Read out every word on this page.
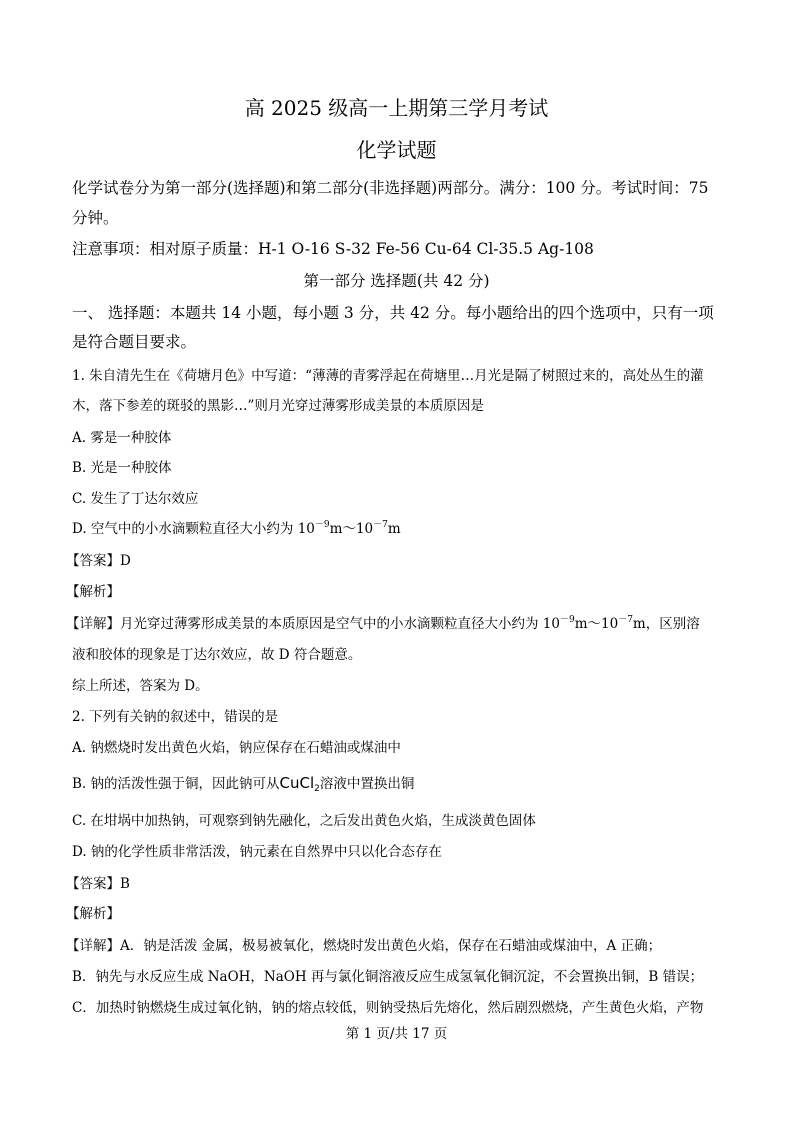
高 2025 级高一上期第三学月考试
化学试题
化学试卷分为第一部分(选择题)和第二部分(非选择题)两部分。满分：100 分。考试时间：75
分钟。
注意事项：相对原子质量：H-1 O-16 S-32 Fe-56 Cu-64 Cl-35.5 Ag-108
第一部分 选择题(共 42 分)
一、 选择题：本题共 14 小题，每小题 3 分，共 42 分。每小题给出的四个选项中，只有一项
是符合题目要求。
1. 朱自清先生在《荷塘月色》中写道：“薄薄的青雾浮起在荷塘里…月光是隔了树照过来的，高处丛生的灌
木，落下参差的斑驳的黑影…”则月光穿过薄雾形成美景的本质原因是
A. 雾是一种胶体
B. 光是一种胶体
C. 发生了丁达尔效应
D. 空气中的小水滴颗粒直径大小约为 $10^{-9}m\sim 10^{-7}m$
【答案】D
【解析】
【详解】月光穿过薄雾形成美景的本质原因是空气中的小水滴颗粒直径大小约为 $10^{-9}m\sim 10^{-7}m$，区别溶
液和胶体的现象是丁达尔效应，故 D 符合题意。
综上所述，答案为 D。
2. 下列有关钠的叙述中，错误的是
A. 钠燃烧时发出黄色火焰，钠应保存在石蜡油或煤油中
B. 钠的活泼性强于铜，因此钠可从CuCl$_2$溶液中置换出铜
C. 在坩埚中加热钠，可观察到钠先融化，之后发出黄色火焰，生成淡黄色固体
D. 钠的化学性质非常活泼，钠元素在自然界中只以化合态存在
【答案】B
【解析】
【详解】A．钠是活泼 金属，极易被氧化，燃烧时发出黄色火焰，保存在石蜡油或煤油中，A 正确；
B．钠先与水反应生成 NaOH，NaOH 再与氯化铜溶液反应生成氢氧化铜沉淀，不会置换出铜，B 错误；
C．加热时钠燃烧生成过氧化钠，钠的熔点较低，则钠受热后先熔化，然后剧烈燃烧，产生黄色火焰，产物
第 1 页/共 17 页
